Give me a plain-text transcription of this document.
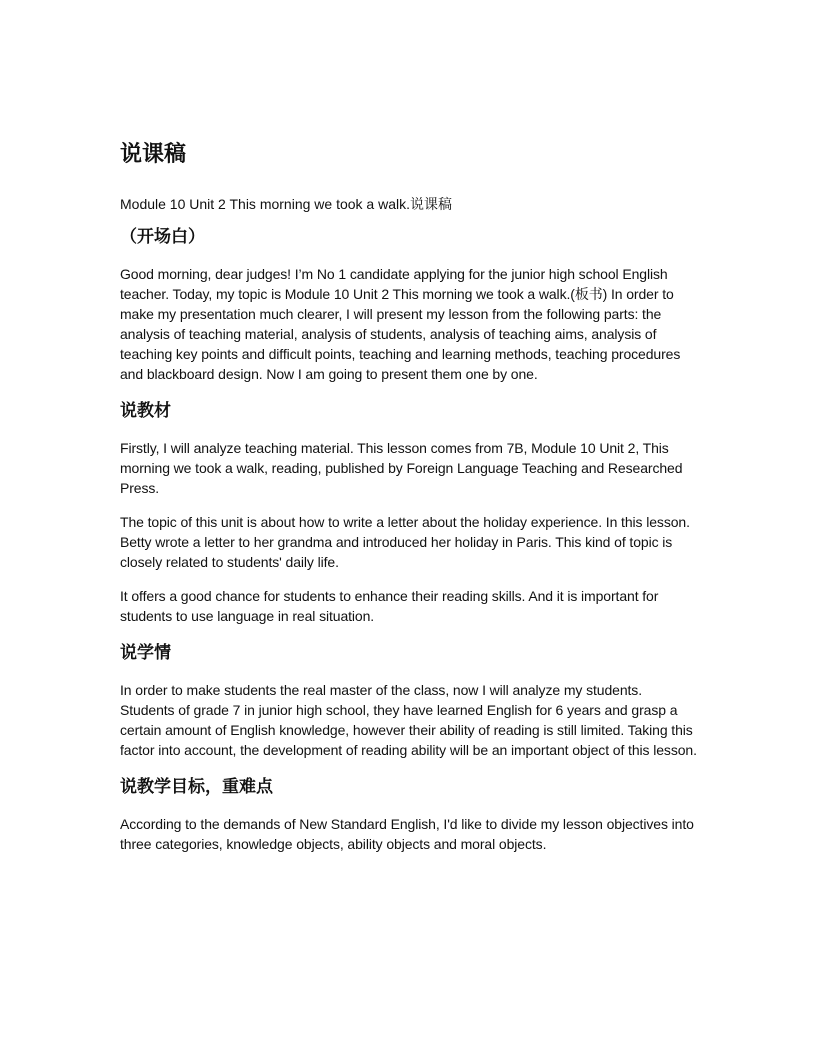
说课稿
Module 10 Unit 2 This morning we took a walk.说课稿
（开场白）

Good morning, dear judges! I’m No 1 candidate applying for the junior high school English teacher. Today, my topic is Module 10 Unit 2 This morning we took a walk.(板书) In order to make my presentation much clearer, I will present my lesson from the following parts: the analysis of teaching material, analysis of students, analysis of teaching aims, analysis of teaching key points and difficult points, teaching and learning methods, teaching procedures and blackboard design. Now I am going to present them one by one.

说教材

Firstly, I will analyze teaching material. This lesson comes from 7B, Module 10 Unit 2, This morning we took a walk, reading, published by Foreign Language Teaching and Researched Press.

The topic of this unit is about how to write a letter about the holiday experience. In this lesson. Betty wrote a letter to her grandma and introduced her holiday in Paris. This kind of topic is closely related to students' daily life.

It offers a good chance for students to enhance their reading skills. And it is important for students to use language in real situation.

说学情

In order to make students the real master of the class, now I will analyze my students. Students of grade 7 in junior high school, they have learned English for 6 years and grasp a certain amount of English knowledge, however their ability of reading is still limited. Taking this factor into account, the development of reading ability will be an important object of this lesson.

说教学目标，重难点

According to the demands of New Standard English, I'd like to divide my lesson objectives into three categories, knowledge objects, ability objects and moral objects.
